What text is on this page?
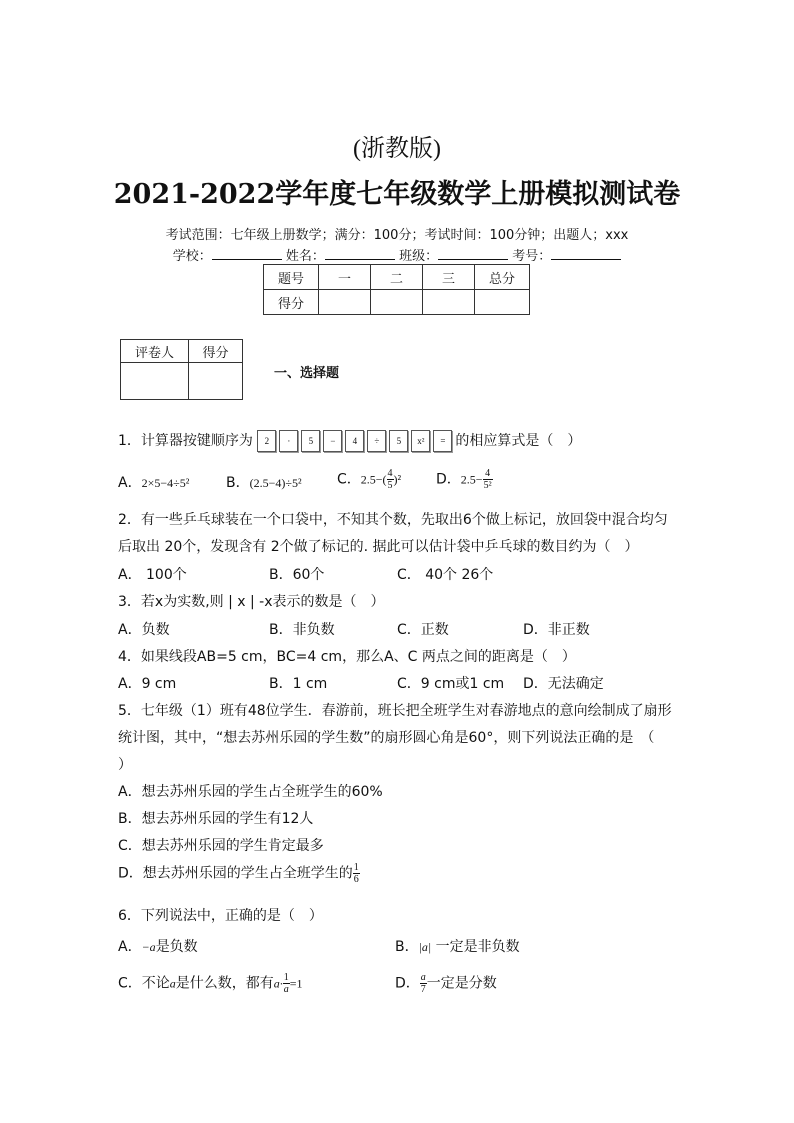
(浙教版)
2021-2022学年度七年级数学上册模拟测试卷
考试范围：七年级上册数学；满分：100分；考试时间：100分钟；出题人；xxx
学校：	姓名：	班级：	考号：
题号	一	二	三	总分
得分				
评卷人	得分

一、选择题
1．计算器按键顺序为 2 · 5 − 4 ÷ 5 x² = 的相应算式是（　）
A．2×5−4÷5²	B．(2.5−4)÷5²	C．$2.5-( \frac{4}{5} )^2$ D．$2.5- \frac{4}{\text{5²}}$
2．有一些乒乓球装在一个口袋中，不知其个数，先取出6个做上标记，放回袋中混合均匀
后取出 20个，发现含有 2个做了标记的. 据此可以估计袋中乒乓球的数目约为（　）
A． 100个	B．60个	C． 40个 26个
3．若x为实数,则 | x | -x表示的数是（　）
A．负数	B．非负数	C．正数	D．非正数
4．如果线段AB=5 cm，BC=4 cm，那么A、C 两点之间的距离是（　）
A．9 cm	B．1 cm	C．9 cm或1 cm D．无法确定
5．七年级（1）班有48位学生．春游前，班长把全班学生对春游地点的意向绘制成了扇形
统计图，其中，“想去苏州乐园的学生数”的扇形圆心角是60°，则下列说法正确的是　（
）
A．想去苏州乐园的学生占全班学生的60%
B．想去苏州乐园的学生有12人
C．想去苏州乐园的学生肯定最多
D．想去苏州乐园的学生占全班学生的 $\frac{1}{6}$
6．下列说法中，正确的是（　）
A．−a是负数	B．|a| 一定是非负数
C．不论a是什么数，都有$a\cdot \frac{1}{a} =1$	D． $\frac{a}{7}$ 一定是分数
